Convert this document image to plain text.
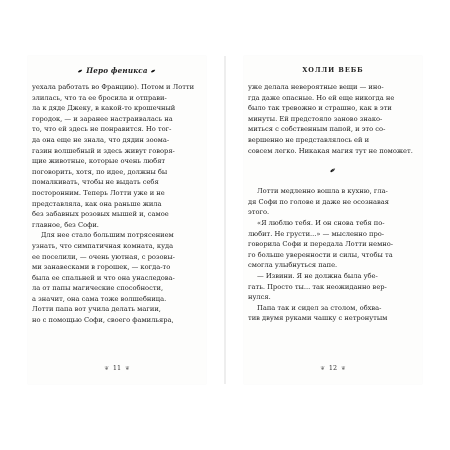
✒ Перо феникса ✒
уехала работать во Францию). Потом и Лотти
злилась, что та ее бросила и отправи-
ла к дяде Джеку, в какой-то крошечный
городок, — и заранее настраивалась на
то, что ей здесь не понравится. Но тог-
да она еще не знала, что дядин зоома-
газин волшебный и здесь живут говоря-
щие животные, которые очень любят
поговорить, хотя, по идее, должны бы
помалкивать, чтобы не выдать себя
посторонним. Теперь Лотти уже и не
представляла, как она раньше жила
без забавных розовых мышей и, самое
главное, без Софи.
Для нее стало большим потрясением
узнать, что симпатичная комната, куда
ее поселили, — очень уютная, с розовы-
ми занавесками в горошек, — когда-то
была ее спальней и что она унаследова-
ла от папы магические способности,
а значит, она сама тоже волшебница.
Лотти папа вот учила делать магии,
но с помощью Софи, своего фамильяра,
❦ 11 ❦
ХОЛЛИ ВЕББ
уже делала невероятные вещи — ино-
гда даже опасные. Но ей еще никогда не
было так тревожно и страшно, как в эти
минуты. Ей предстояло заново знако-
миться с собственным папой, и это со-
вершенно не представлялось ей и
совсем легко. Никакая магия тут не поможет.
✒
Лотти медленно вошла в кухню, гла-
дя Софи по голове и даже не осознавая
этого.
«Я люблю тебя. И он снова тебя по-
любит. Не грусти...» — мысленно про-
говорила Софи и передала Лотти немно-
го больше уверенности и силы, чтобы та
смогла улыбнуться папе.
— Извини. Я не должна была убе-
гать. Просто ты... так неожиданно вер-
нулся.
Папа так и сидел за столом, обхва-
тив двумя руками чашку с нетронутым
❦ 12 ❦
